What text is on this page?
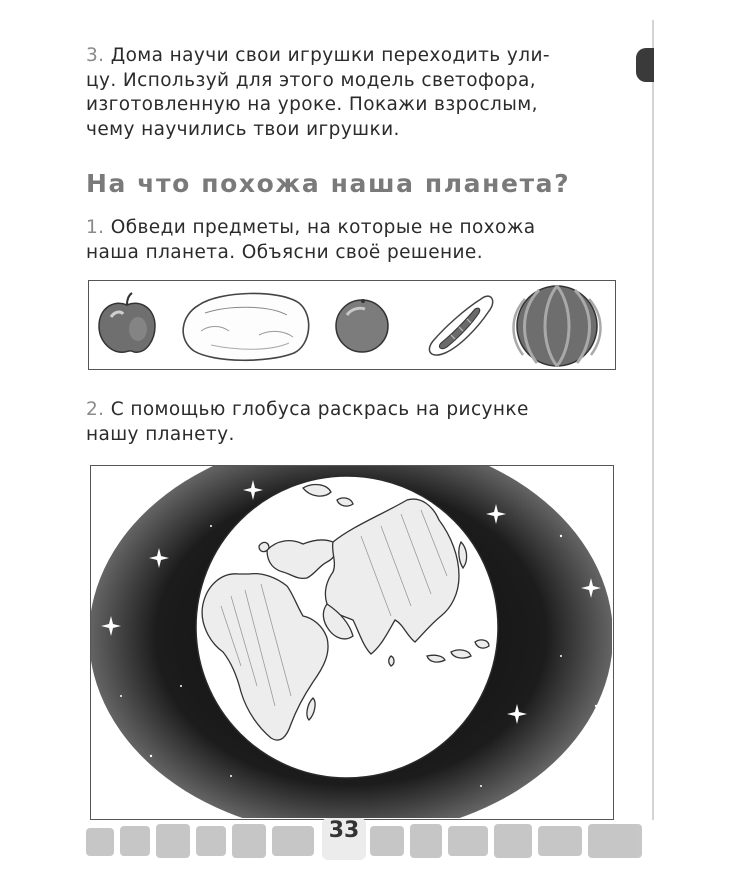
3. Дома научи свои игрушки переходить ули-

цу. Используй для этого модель светофора,

изготовленную на уроке. Покажи взрослым,

чему научились твои игрушки.

На что похожа наша планета?

1. Обведи предметы, на которые не похожа

наша планета. Объясни своё решение.

2. С помощью глобуса раскрась на рисунке

нашу планету.

33
